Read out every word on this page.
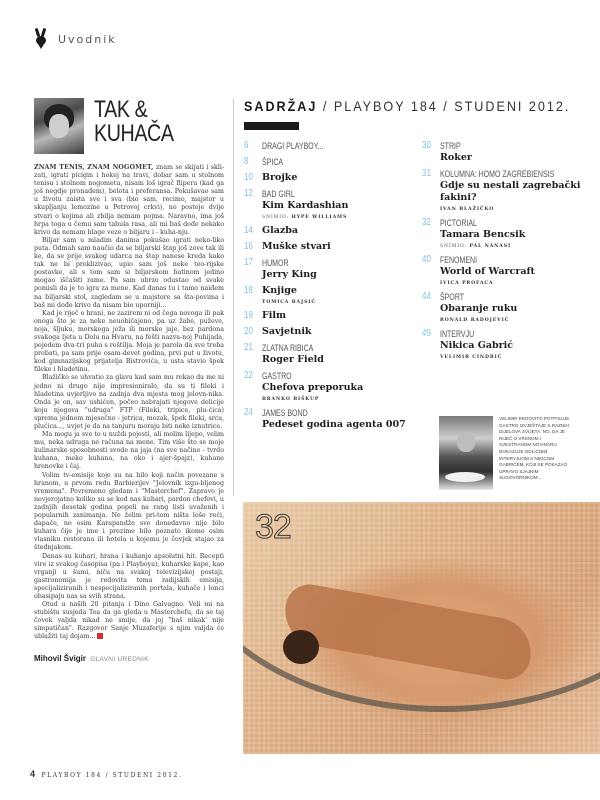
Uvodnik
TAK &
KUHAČA

ZNAM TENIS, ZNAM NOGOMET, znam se skijati i skli-zati, igrati picigin i hokej na travi, dobar sam u stolnom tenisu i stolnom nogometu, nisam loš igrač flipera (kad ga još negdje pronađem), belota i preferansa. Pokušavao sam u životu zaista sve i sva (bio sam, recimo, majstor u skupljanju lemozine u Petrovoj crkvi), no postoje dvije stvari o kojima ali zbilja nemam pojma. Naravno, ima još hrpa toga u čemu sam tabula rasa, ali mi baš dođe nekako krivo da nemam blage veze o biljaru i - kuha-nju.

Biljar sam u mladim danima pokušao igrati neko-liko puta. Odmah sam naučio da se biljarski štap još zove tak ili ke, da se prije svakog udarca na štap nanese kreda kako tak ne bi proklizivao, upio sam još neke teo-rijske postavke, ali s tom sam si biljarskom batinom jedino mogao iščašiti rame. Pa sam ubrzo odustao od svake pomisli da je to igra za mene. Kad danas tu i tamo naiđem na biljarski stol, zagledam se u majstore sa šta-povima i baš mi dođe krivo da nisam bio uporniji...

Kad je riječ o hrani, ne zazirem ni od čega novoga ili pak onoga što je za neke neuobičajeno, pa uz žabe, puževe, noja, šljuku, morskoga ježa ili morsko jaje, bez pardona svakoga ljeta u Dolu na Hvaru, na fešti nazva-noj Puhijada, pojedem dva-tri puha s roštilja. Moja je parola da sve treba probati, pa sam prije osam-devet godina, prvi put u životu, kod gimnazijskog prijatelja Bistrovića, u usta stavio špek fileke i hladetinu.

Blažičko se uhvatio za glavu kad sam mu rekao da me ni jedno ni drugo nije impresioniralo, da su ti fileki i hladetina uvjerljivo na zadnja dva mjesta mog jelovn-nika. Onda je on, sav ushićen, počeo nabrajati njegove delicije koju njegova "udruga" FTP (Fileki, tripice, plu-ćica) sprema jednom mjesečno - jetrica, mozak, špek fileki, srca, plućica..., uvjet je da na tanjuru moraju biti neke iznutrice.

Ma mogu ja sve to u nuždi pojesti, ali molim lijepo, velim mu, neka udruga ne računa na mene. Tim više što se moje kulinarske sposobnosti svode na jaja (na sve načine - tvrdo kuhana, meko kuhana, na oko i ajer-špajz), kuhane hrenovke i čaj.

Volim tv-emisije koje su na bilo koji način povezane s hranom, u prvom redu Barbierijev "Jelovnik izgu-bljenog vremena". Povremeno gledam i "Masterchef". Zapravo je nevjerojatno koliko su se kod nas kuhari, pardon chefovi, u zadnjih desetak godina popeli na rang listi uvaženih i popularnih zanimanja. Ne želim pri-tom ništa loše reći, dapače, no osim Karapandže sve donedavno nije bilo kuhara čije je ime i prezime bilo poznato ikome osim vlasniku restorana ili hotela u kojemu je čovjek stajao za štednjakom.

Danas su kuhari, hrana i kuhanje apsolutni hit. Recepti vire iz svakog časopisa (pa i Playboya), kuharske kape, kao vrganji u šumi, niču na svakoj televizijskoj postaji, gastronomija je redovita tema radijskih emisija, specijaliziranih i nespecijaliziranih portala, kuhače i lonci obasipaju nas sa svih strana.

Otud u naših 20 pitanja i Dino Galvagno. Veli mi na stubištu susjeda Tea da ga gleda u Masterchefu, da se taj čovek valjda nikad ne smije, da joj "baš nikak' nije simpatičan". Razgovor Sanje Muzaferije s njim valjda će ublažiti taj dojam...

Mihovil Švigir GLAVNI UREDNIK
4 PLAYBOY 184 / STUDENI 2012.
SADRŽAJ / PLAYBOY 184 / STUDENI 2012.
6	DRAGI PLAYBOY...
8	ŠPICA
10 Brojke
12	BAD GIRL
Kim Kardashian
SNIMIO: HYPE WILLIAMS
14 Glazba
16 Muške stvari
17	HUMOR
Jerry King
18 Knjige
TOMICA BAJSIĆ
19 Film
20 Savjetnik
21	ZLATNA RIBICA
Roger Field
22	GASTRO
Chefova preporuka
BRANKO BIŠKUP
24	JAMES BOND
Pedeset godina agenta 007
30	STRIP
Roker
31	KOLUMNA: HOMO ZAGREBIENSIS
Gdje su nestali zagrebački fakini?
IVAN BLAŽIČKO
32	PICTORIAL
Tamara Bencsik
SNIMIO: PÁL NÁNÁSI
40	FENOMENI
World of Warcraft
IVICA PROFACA
44	ŠPORT
Obaranje ruku
RONALD RADOJEVIĆ
49	INTERVJU
Nikica Gabrić
VELIMIR CINDRIĆ
VELIMIR REDOVITO POTPISUJE GASTRO IZVJEŠTAJE S RAZNIH DIJELOVA SVIJETA. NO, DA JE RIJEČ O VRSNOM I SVESTRANOM NOVINARU DOKAZUJE ODLIČNIM INTERVJUOM S NIKICOM GABRIĆEM, KOJI SE POKAZAO UPRAVO SJAJNIM SUGOVORNIKOM...
32
